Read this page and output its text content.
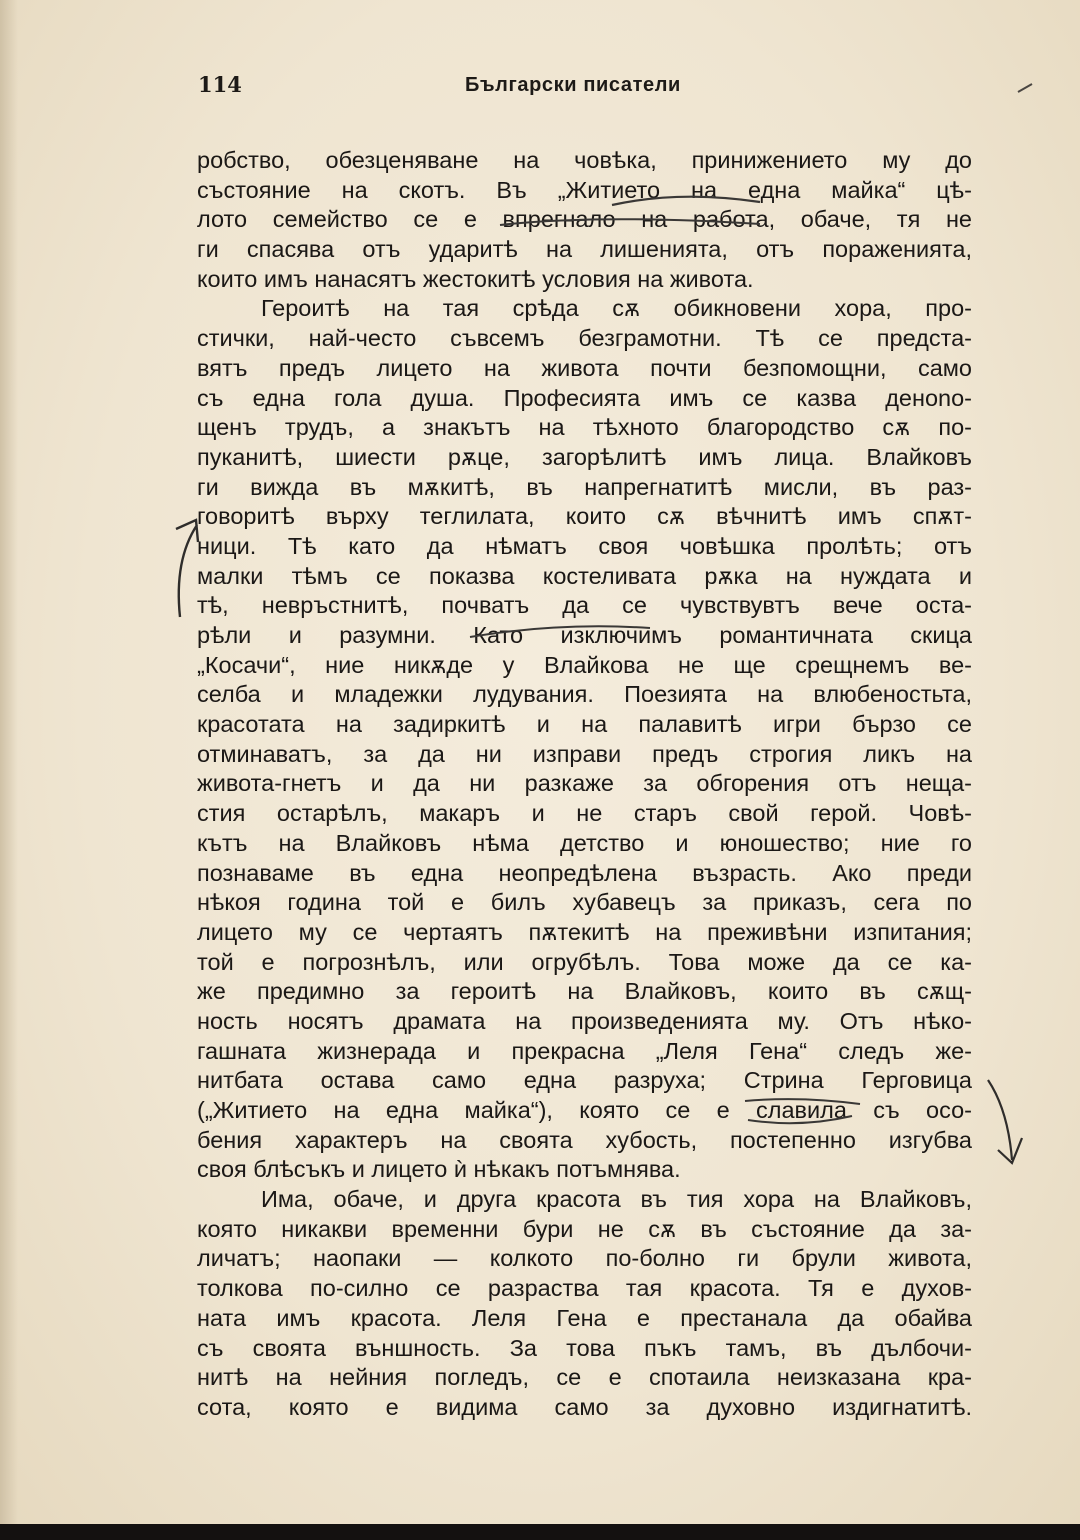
114	Български писатели
робство, обезценяване на човѣка, принижението му до
състояние на скотъ. Въ „Житието на една майка“ цѣ-
лото семейство се е впрегнало на работа, обаче, тя не
ги спасява отъ ударитѣ на лишенията, отъ пораженията,
които имъ нанасятъ жестокитѣ условия на живота.
Героитѣ на тая срѣда сѫ обикновени хора, про-
стички, най-често съвсемъ безграмотни. Тѣ се предста-
вятъ предъ лицето на живота почти безпомощни, само
съ една гола душа. Професията имъ се казва денono-
щенъ трудъ, а знакътъ на тѣхното благородство сѫ по-
пуканитѣ, шиести рѫце, загорѣлитѣ имъ лица. Влайковъ
ги вижда въ мѫкитѣ, въ напрегнатитѣ мисли, въ раз-
говоритѣ върху теглилата, които сѫ вѣчнитѣ имъ спѫт-
ници. Тѣ като да нѣматъ своя човѣшка пролѣть; отъ
малки тѣмъ се показва костеливата рѫка на нуждата и
тѣ, невръстнитѣ, почватъ да се чувствувтъ вече оста-
рѣли и разумни. Като изключимъ романтичната скица
„Косачи“, ние никѫде у Влайкова не ще срещнемъ ве-
селба и младежки лудувания. Поезията на влюбеностьта,
красотата на задиркитѣ и на палавитѣ игри бързо се
отминаватъ, за да ни изправи предъ строгия ликъ на
живота-гнетъ и да ни разкаже за обгорения отъ неща-
стия остарѣлъ, макаръ и не старъ свой герой. Човѣ-
кътъ на Влайковъ нѣма детство и юношество; ние го
познаваме въ една неопредѣлена възрасть. Ако преди
нѣкоя година той е билъ хубавецъ за приказъ, сега по
лицето му се чертаятъ пѫтекитѣ на преживѣни изпитания;
той е погрознѣлъ, или огрубѣлъ. Това може да се ка-
же предимно за героитѣ на Влайковъ, които въ сѫщ-
ность носятъ драмата на произведенията му. Отъ нѣко-
гашната жизнерада и прекрасна „Леля Гена“ следъ же-
нитбата остава само една разруха; Стрина Герговица
(„Житието на една майка“), която се е славила съ осо-
бения характеръ на своята хубость, постепенно изгубва
своя блѣсъкъ и лицето ѝ нѣкакъ потъмнява.
Има, обаче, и друга красота въ тия хора на Влайковъ,
която никакви временни бури не сѫ въ състояние да за-
личатъ; наопаки — колкото по-болно ги брули живота,
толкова по-силно се разраства тая красота. Тя е духов-
ната имъ красота. Леля Гена е престанала да обайва
съ своята външность. За това пъкъ тамъ, въ дълбочи-
нитѣ на нейния погледъ, се е спотаила неизказана кра-
сота, която е видима само за духовно издигнатитѣ.
